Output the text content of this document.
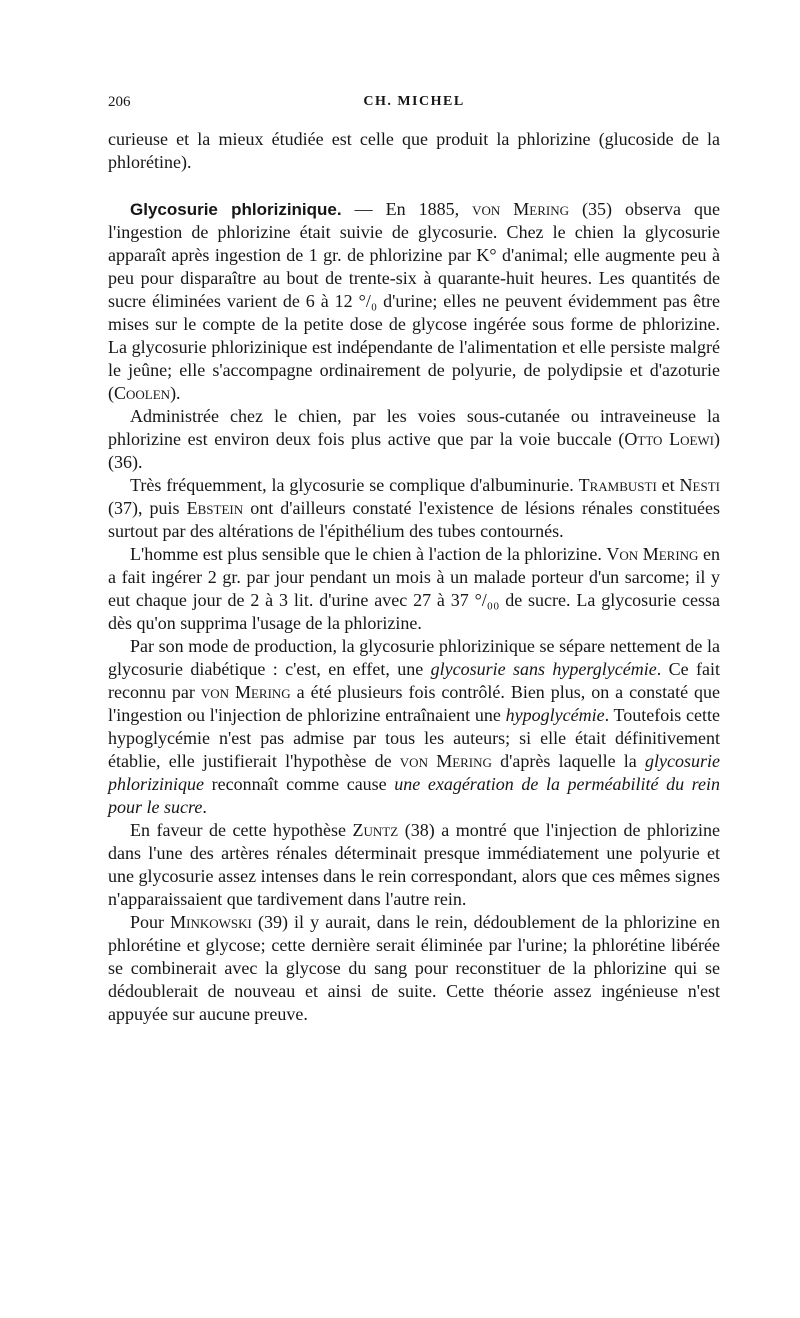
206	CH. MICHEL

curieuse et la mieux étudiée est celle que produit la phlorizine (glucoside de la phlorétine).

Glycosurie phlorizinique. — En 1885, von Mering (35) observa que l'ingestion de phlorizine était suivie de glycosurie. Chez le chien la glycosurie apparaît après ingestion de 1 gr. de phlorizine par K° d'animal; elle augmente peu à peu pour disparaître au bout de trente-six à quarante-huit heures. Les quantités de sucre éliminées varient de 6 à 12 °/₀ d'urine; elles ne peuvent évidemment pas être mises sur le compte de la petite dose de glycose ingérée sous forme de phlorizine. La glycosurie phlorizinique est indépendante de l'alimentation et elle persiste malgré le jeûne; elle s'accompagne ordinairement de polyurie, de polydipsie et d'azoturie (Coolen).

Administrée chez le chien, par les voies sous-cutanée ou intraveineuse la phlorizine est environ deux fois plus active que par la voie buccale (Otto Loewi) (36).

Très fréquemment, la glycosurie se complique d'albuminurie. Trambusti et Nesti (37), puis Ebstein ont d'ailleurs constaté l'existence de lésions rénales constituées surtout par des altérations de l'épithélium des tubes contournés.

L'homme est plus sensible que le chien à l'action de la phlorizine. Von Mering en a fait ingérer 2 gr. par jour pendant un mois à un malade porteur d'un sarcome; il y eut chaque jour de 2 à 3 lit. d'urine avec 27 à 37 °/₀₀ de sucre. La glycosurie cessa dès qu'on supprima l'usage de la phlorizine.

Par son mode de production, la glycosurie phlorizinique se sépare nettement de la glycosurie diabétique : c'est, en effet, une glycosurie sans hyperglycémie. Ce fait reconnu par von Mering a été plusieurs fois contrôlé. Bien plus, on a constaté que l'ingestion ou l'injection de phlorizine entraînaient une hypoglycémie. Toutefois cette hypoglycémie n'est pas admise par tous les auteurs; si elle était définitivement établie, elle justifierait l'hypothèse de von Mering d'après laquelle la glycosurie phlorizinique reconnaît comme cause une exagération de la perméabilité du rein pour le sucre.

En faveur de cette hypothèse Zuntz (38) a montré que l'injection de phlorizine dans l'une des artères rénales déterminait presque immédiatement une polyurie et une glycosurie assez intenses dans le rein correspondant, alors que ces mêmes signes n'apparaissaient que tardivement dans l'autre rein.

Pour Minkowski (39) il y aurait, dans le rein, dédoublement de la phlorizine en phlorétine et glycose; cette dernière serait éliminée par l'urine; la phlorétine libérée se combinerait avec la glycose du sang pour reconstituer de la phlorizine qui se dédoublerait de nouveau et ainsi de suite. Cette théorie assez ingénieuse n'est appuyée sur aucune preuve.
